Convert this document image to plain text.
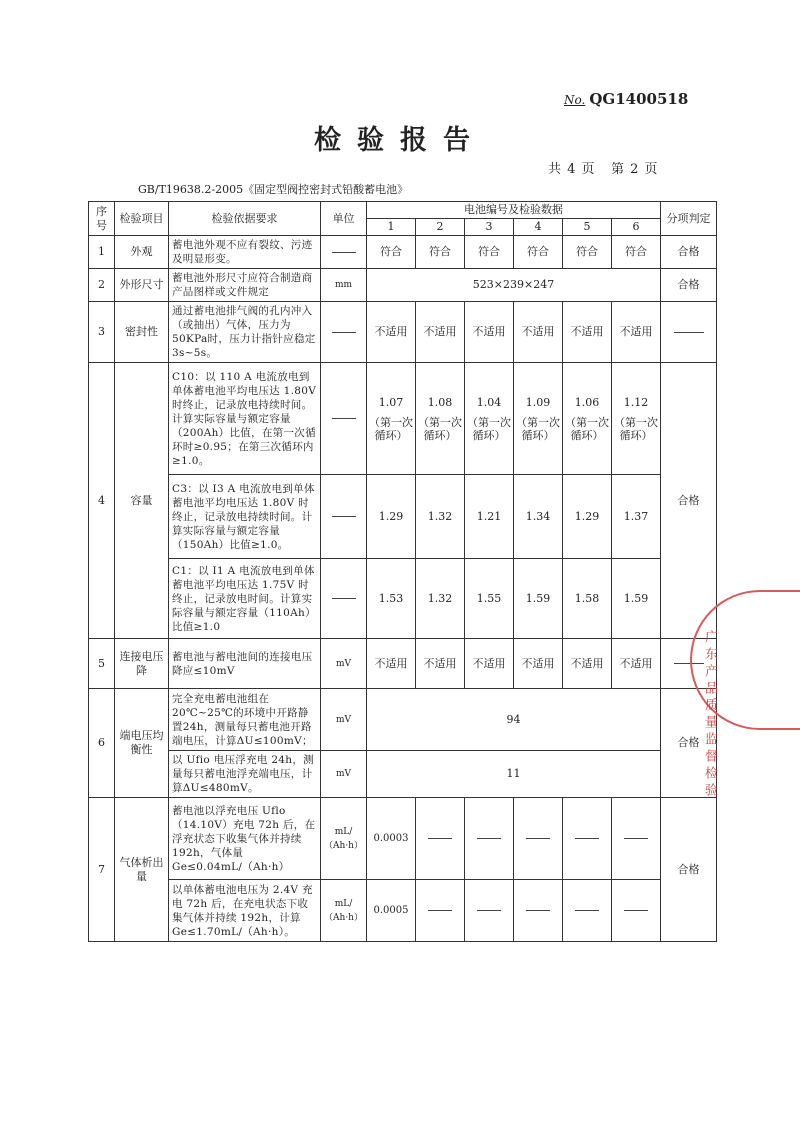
No. QG1400518
检验报告
共 4 页 第 2 页
GB/T19638.2-2005《固定型阀控密封式铅酸蓄电池》
序号	检验项目	检验依据要求	单位	电池编号及检验数据						分项判定
				1	2	3	4	5	6	
1	外观	蓄电池外观不应有裂纹、污迹及明显形变。		符合	符合	符合	符合	符合	符合	合格
2	外形尺寸	蓄电池外形尺寸应符合制造商产品图样或文件规定	mm	523×239×247						合格
3	密封性	通过蓄电池排气阀的孔内冲入（或抽出）气体，压力为50KPa时，压力计指针应稳定3s~5s。		不适用	不适用	不适用	不适用	不适用	不适用	
4	容量	C10：以 110 A 电流放电到单体蓄电池平均电压达 1.80V 时终止，记录放电持续时间。计算实际容量与额定容量（200Ah）比值，在第一次循环时≥0.95；在第三次循环内≥1.0。		1.07
（第一次循环）	1.08
（第一次循环）	1.04
（第一次循环）	1.09
（第一次循环）	1.06
（第一次循环）	1.12
（第一次循环）	合格
		C3：以 I3 A 电流放电到单体蓄电池平均电压达 1.80V 时终止，记录放电持续时间。计算实际容量与额定容量（150Ah）比值≥1.0。		1.29	1.32	1.21	1.34	1.29	1.37	
		C1：以 I1 A 电流放电到单体蓄电池平均电压达 1.75V 时终止，记录放电时间。计算实际容量与额定容量（110Ah）比值≥1.0		1.53	1.32	1.55	1.59	1.58	1.59	
5	连接电压降	蓄电池与蓄电池间的连接电压降应≤10mV	mV	不适用	不适用	不适用	不适用	不适用	不适用	
6	端电压均衡性	完全充电蓄电池组在 20℃~25℃的环境中开路静置24h，测量每只蓄电池开路端电压，计算ΔU≤100mV；	mV	94						合格
		以 Ufio 电压浮充电 24h，测量每只蓄电池浮充端电压，计算ΔU≤480mV。	mV	11						
7	气体析出量	蓄电池以浮充电压 Uflo（14.10V）充电 72h 后，在浮充状态下收集气体并持续 192h，气体量 Ge≤0.04mL/（Ah·h）	mL/（Ah·h）	0.0003						合格
		以单体蓄电池电压为 2.4V 充电 72h 后，在充电状态下收集气体并持续 192h，计算 Ge≤1.70mL/（Ah·h）。	mL/（Ah·h）	0.0005						
广东产品质量监督检验
